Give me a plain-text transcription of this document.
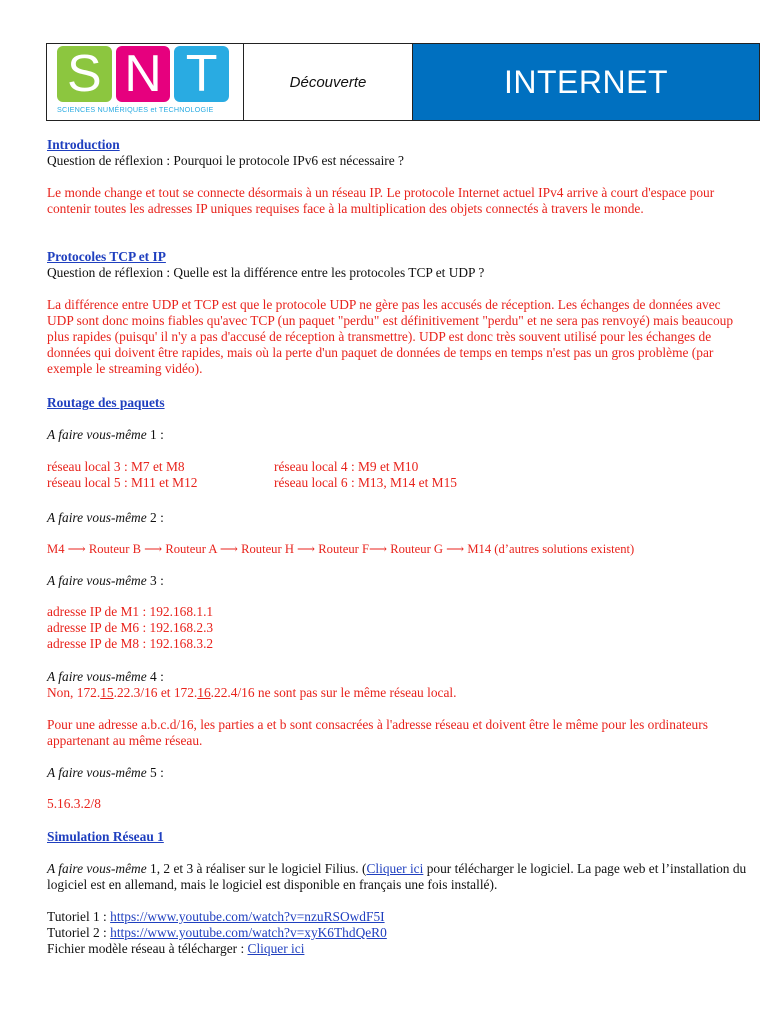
S N T
SCIENCES NUMÉRIQUES et TECHNOLOGIE
Découverte	INTERNET
Introduction
Question de réflexion : Pourquoi le protocole IPv6 est nécessaire ?
Le monde change et tout se connecte désormais à un réseau IP. Le protocole Internet actuel IPv4 arrive à court d'espace pour contenir toutes les adresses IP uniques requises face à la multiplication des objets connectés à travers le monde.
Protocoles TCP et IP
Question de réflexion : Quelle est la différence entre les protocoles TCP et UDP ?
La différence entre UDP et TCP est que le protocole UDP ne gère pas les accusés de réception. Les échanges de données avec UDP sont donc moins fiables qu'avec TCP (un paquet "perdu" est définitivement "perdu" et ne sera pas renvoyé) mais beaucoup plus rapides (puisqu' il n'y a pas d'accusé de réception à transmettre). UDP est donc très souvent utilisé pour les échanges de données qui doivent être rapides, mais où la perte d'un paquet de données de temps en temps n'est pas un gros problème (par exemple le streaming vidéo).
Routage des paquets
A faire vous-même 1 :
réseau local 3 : M7 et M8	réseau local 4 : M9 et M10
réseau local 5 : M11 et M12	réseau local 6 : M13, M14 et M15
A faire vous-même 2 :
M4 ⟶ Routeur B ⟶ Routeur A ⟶ Routeur H ⟶ Routeur F⟶ Routeur G ⟶ M14 (d’autres solutions existent)
A faire vous-même 3 :
adresse IP de M1 : 192.168.1.1
adresse IP de M6 : 192.168.2.3
adresse IP de M8 : 192.168.3.2
A faire vous-même 4 :
Non, 172.15.22.3/16 et 172.16.22.4/16 ne sont pas sur le même réseau local.
Pour une adresse a.b.c.d/16, les parties a et b sont consacrées à l'adresse réseau et doivent être le même pour les ordinateurs appartenant au même réseau.
A faire vous-même 5 :
5.16.3.2/8
Simulation Réseau 1
A faire vous-même 1, 2 et 3 à réaliser sur le logiciel Filius. (Cliquer ici pour télécharger le logiciel. La page web et l’installation du logiciel est en allemand, mais le logiciel est disponible en français une fois installé).
Tutoriel 1 : https://www.youtube.com/watch?v=nzuRSOwdF5I
Tutoriel 2 : https://www.youtube.com/watch?v=xyK6ThdQeR0
Fichier modèle réseau à télécharger : Cliquer ici
